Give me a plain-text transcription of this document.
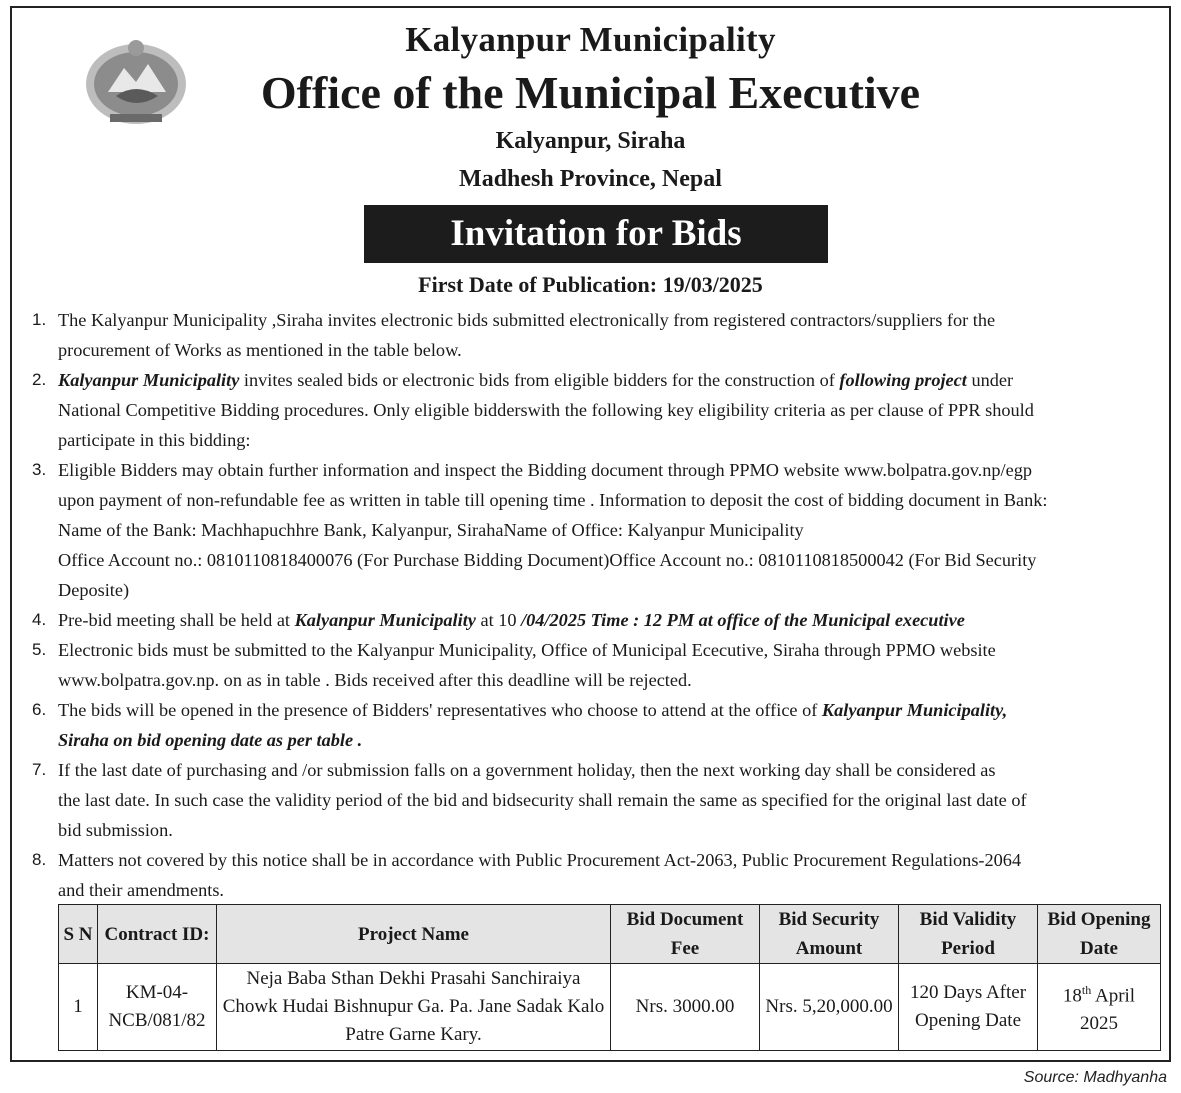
Kalyanpur Municipality
Office of the Municipal Executive
Kalyanpur, Siraha
Madhesh Province, Nepal
Invitation for Bids
First Date of Publication: 19/03/2025
1. The Kalyanpur Municipality ,Siraha invites electronic bids submitted electronically from registered contractors/suppliers for the
procurement of Works as mentioned in the table below.
2. Kalyanpur Municipality invites sealed bids or electronic bids from eligible bidders for the construction of following project under
National Competitive Bidding procedures. Only eligible bidderswith the following key eligibility criteria as per clause of PPR should
participate in this bidding:
3. Eligible Bidders may obtain further information and inspect the Bidding document through PPMO website www.bolpatra.gov.np/egp
upon payment of non-refundable fee as written in table till opening time . Information to deposit the cost of bidding document in Bank:
Name of the Bank: Machhapuchhre Bank, Kalyanpur, SirahaName of Office: Kalyanpur Municipality
Office Account no.: 0810110818400076 (For Purchase Bidding Document)Office Account no.: 0810110818500042 (For Bid Security
Deposite)
4. Pre-bid meeting shall be held at Kalyanpur Municipality at 10 /04/2025 Time : 12 PM at office of the Municipal executive
5. Electronic bids must be submitted to the Kalyanpur Municipality, Office of Municipal Ececutive, Siraha through PPMO website
www.bolpatra.gov.np. on as in table . Bids received after this deadline will be rejected.
6. The bids will be opened in the presence of Bidders' representatives who choose to attend at the office of Kalyanpur Municipality,
Siraha on bid opening date as per table .
7. If the last date of purchasing and /or submission falls on a government holiday, then the next working day shall be considered as
the last date. In such case the validity period of the bid and bidsecurity shall remain the same as specified for the original last date of
bid submission.
8. Matters not covered by this notice shall be in accordance with Public Procurement Act-2063, Public Procurement Regulations-2064
and their amendments.
S N	Contract ID:	Project Name	Bid Document Fee	Bid Security Amount	Bid Validity Period	Bid Opening Date
1	KM-04-NCB/081/82	Neja Baba Sthan Dekhi Prasahi Sanchiraiya Chowk Hudai Bishnupur Ga. Pa. Jane Sadak Kalo Patre Garne Kary.	Nrs. 3000.00	Nrs. 5,20,000.00	120 Days After Opening Date	18th April 2025
Source: Madhyanha
